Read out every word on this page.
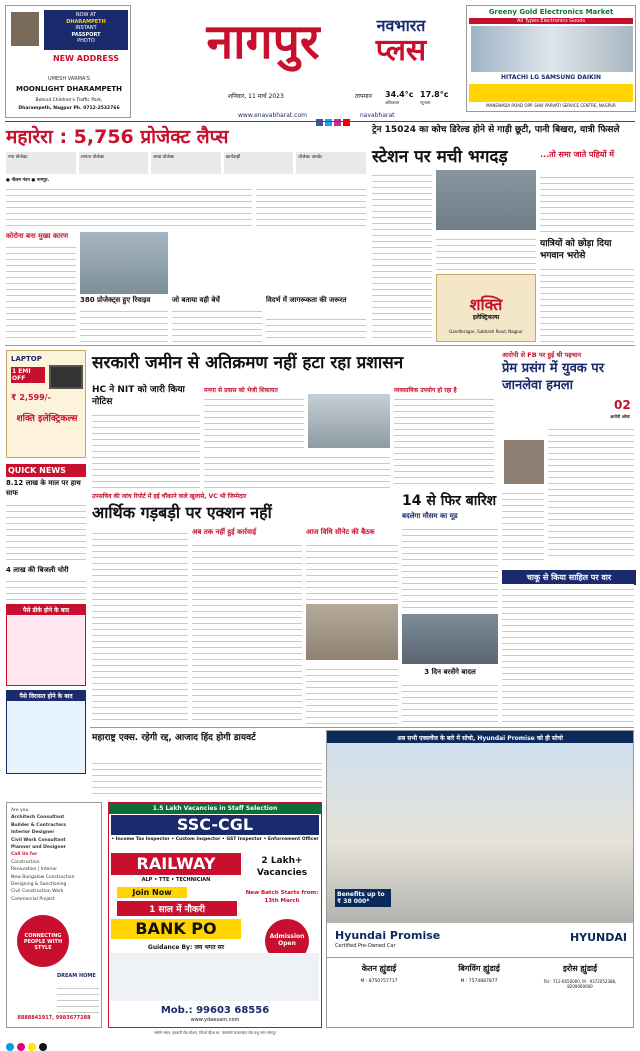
NOW AT
DHARAMPETH
INSTANT
PASSPORT
PHOTO
NEW ADDRESS
UMESH VARMA'S
MOONLIGHT DHARAMPETH
Behind Children's Traffic Park,
Dharampeth, Nagpur Ph. 0712-2532766
नागपुर	नवभारत
प्लस
शनिवार, 11 मार्च 2023	तापमान 34.4°c
अधिकतम
17.8°c
न्यूनतम
www.enavabharat.com	navabharat
Greeny Gold Electronics Market
All Types Electronics Goods
HITACHI LG SAMSUNG DAIKIN
MANEWADA ROAD OPP. SHIV PARVATI SERVICE CENTRE, NAGPUR
महारेरा : 5,756 प्रोजेक्ट लैप्स
नया प्रोजेक्ट	लापता प्रोजेक्ट	लाख प्रोजेक्ट	कार्यवाही	प्रोजेक्ट अपडेट
● नीलम नंदन ● नागपुर.
कोरोना बना मुख्य कारण
380 प्रोजेक्ट्स हुए रिवाइव	जो बताया वही बेचें	विदर्भ में जागरूकता की जरूरत
ट्रेन 15024 का कोच डिरेल्ड होने से गाड़ी छूटी, पानी बिखरा, यात्री फिसले
स्टेशन पर मची भगदड़	...तो समा जाते पहियों में
यात्रियों को छोड़ा दिया भगवान भरोसे
शक्ति
इलेक्ट्रिकल्स
Gandhisagar, Subhash Road, Nagpur
LAPTOP
1 EMI OFF
₹ 2,599/-
शक्ति इलेक्ट्रिकल्स
सरकारी जमीन से अतिक्रमण नहीं हटा रहा प्रशासन
HC ने NIT को जारी किया नोटिस
मनपा से प्रवास को भेजी शिकायत	व्यवसायिक उपयोग हो रहा है
आरोपी से FB पर हुई थी पहचान
प्रेम प्रसंग में युवक पर जानलेवा हमला
02
आरोपी अरेस्ट
चाकू से किया साहिल पर वार
QUICK NEWS
8.12 लाख के माल पर हाथ साफ
4 लाख की बिजली चोरी
पैसे डीके होने के बाद
पैसे विरासत होने के बाद
उपसचिव की जांच रिपोर्ट में हई चौंकाने वाले खुलासे, VC भी जिम्मेदार
आर्थिक गड़बड़ी पर एक्शन नहीं
अब तक नहीं हुई कार्रवाई	आज विधि सीनेट की बैठक
14 से फिर बारिश
बदलेगा मौसम का मूड
3 दिन बरसेंगे बादल
महाराष्ट्र एक्स. रहेगी रद्द, आजाद हिंद होगी डायवर्ट	अब सभी एक्सचेंज के बारे में सोचो, Hyundai Promise को ही सोचो
Benefits up to ₹ 38 000*
Hyundai Promise
Certified Pre-Owned Car
HYUNDAI
केतन ह्युंडाई	बिगविंग ह्युंडाई	इरोस ह्युंडाई
M : 8750757717	M : 7574887877	Tel : 712-6650000, M : 9372052388, 8209060600
Are you
Architech Consultant
Builder & Contractors
Interior Designer
Civil Work Consultant
Planner and Designer
Call Us for
Construction
Renovation | Interior
New Bungalow Construction
Designing & Sanctioning
Civil Construction Work
Commercial Project
CONNECTING PEOPLE WITH STYLE
DREAM HOME
8888841917, 9983677288
1.5 Lakh Vacancies in Staff Selection
SSC-CGL
• Income Tax Inspector • Custom Inspector • GST Inspector • Enforcement Officer
RAILWAY
ALP • TTE • TECHNICIAN
2 Lakh+ Vacancies
Join Now
1 साल में नौकरी
New Batch Starts from: 13th March
BANK PO	Admission Open
Guidance By: जय भगत सर
Mob.: 99603 68556
www.ydaexam.com
भरोसे भवन, इतवारी रोड स्टेशन, विदर्भ डी/ब मा. पारसपर्र राजामहार रोड प्रभु नगर नागपुर
